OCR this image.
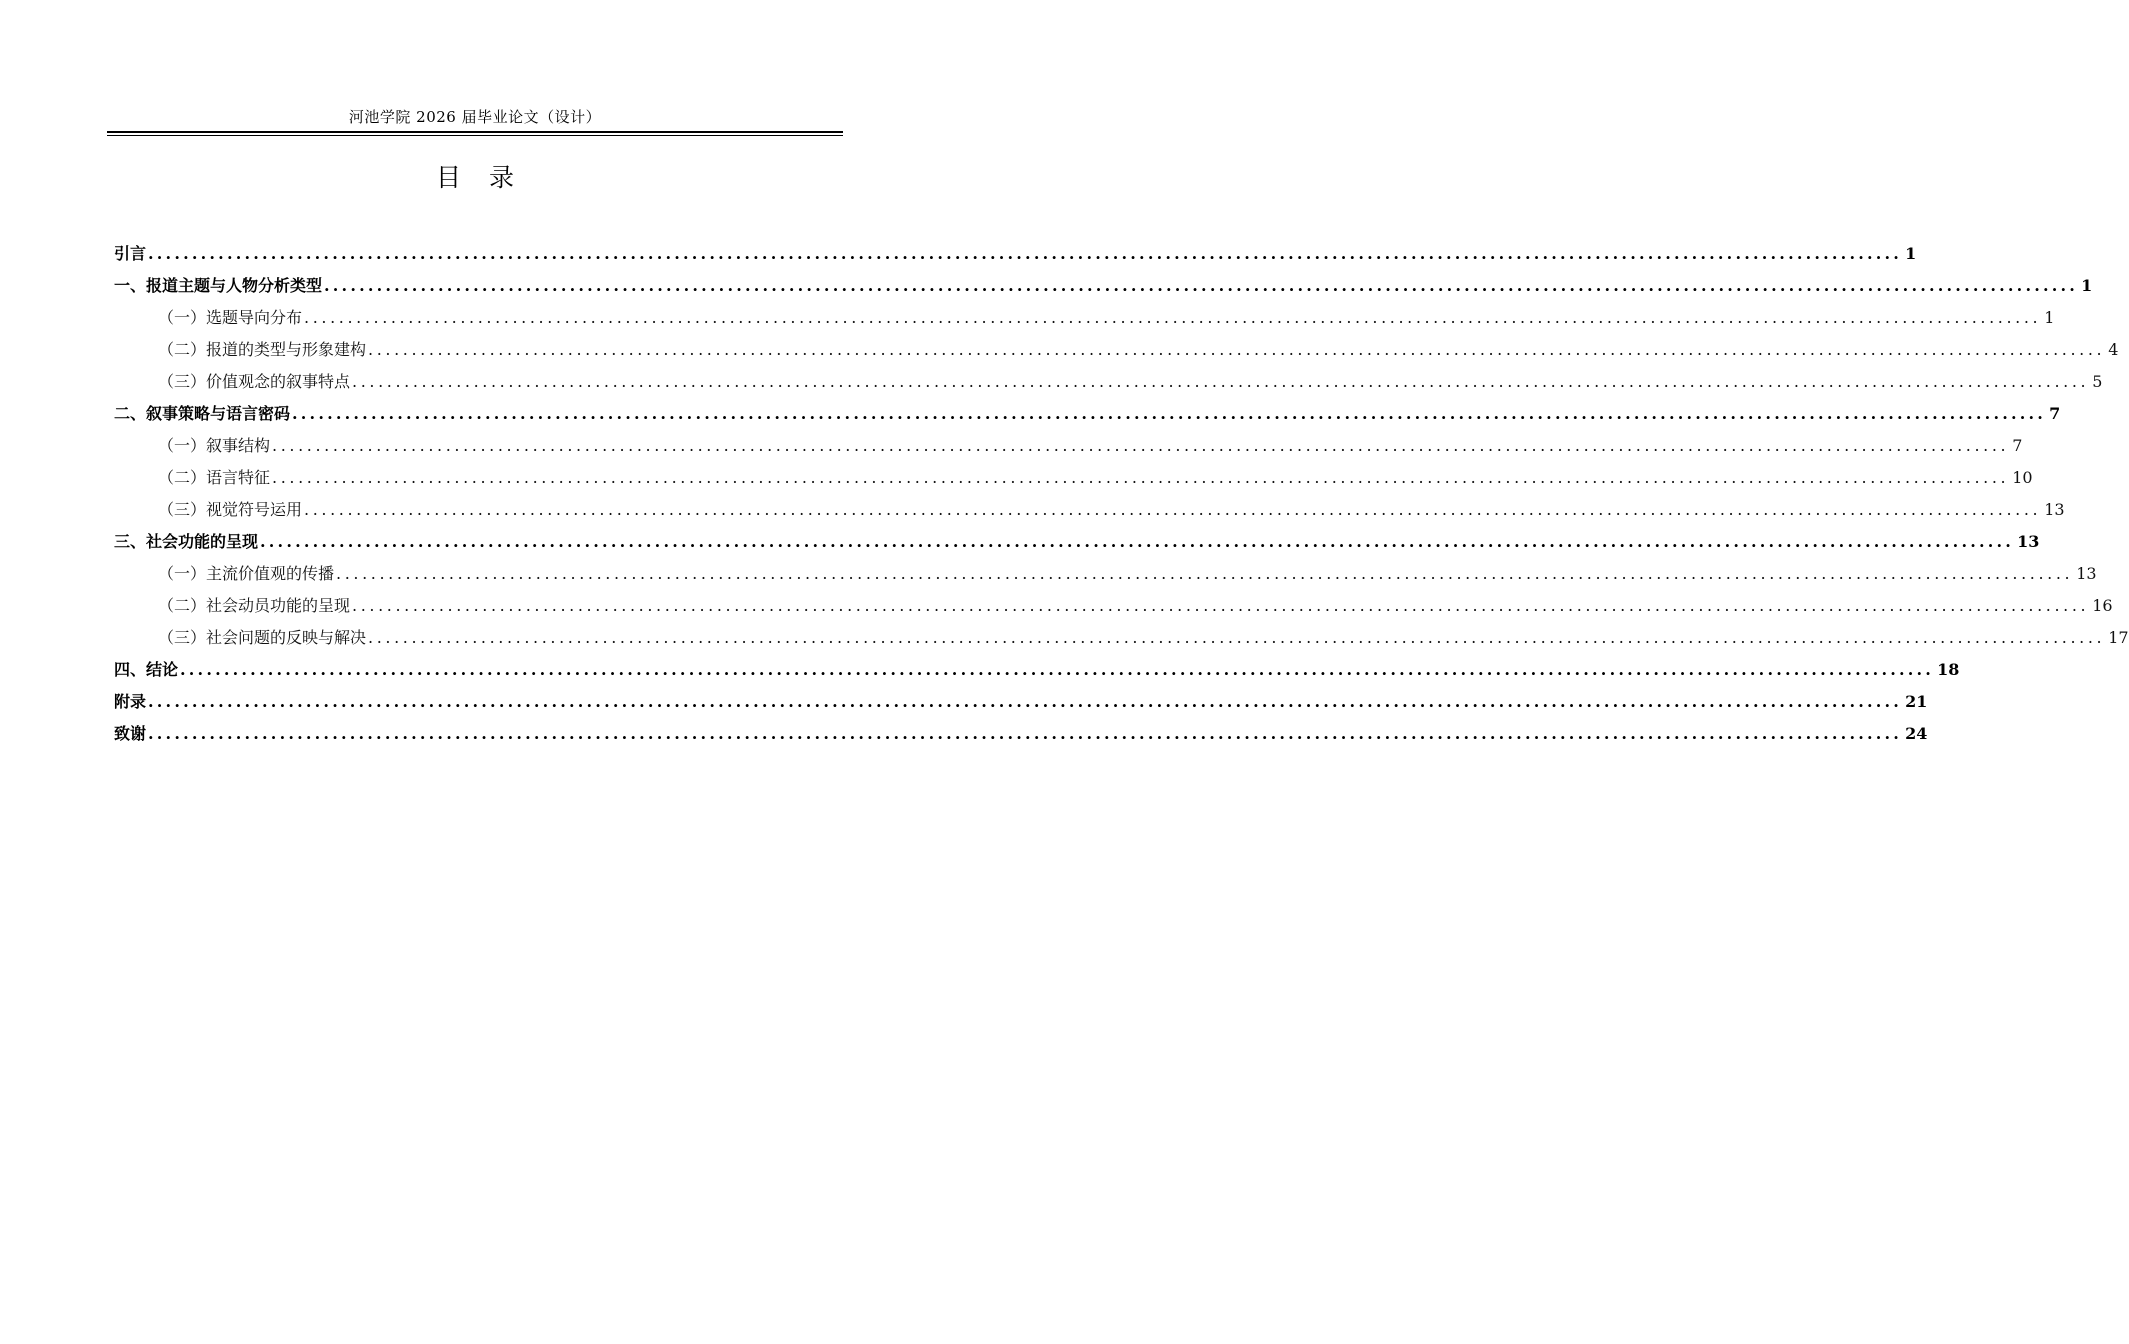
河池学院 2026 届毕业论文（设计）
目录
引言 ........................................................................................................................................................................................................ 1
一、报道主题与人物分析类型 ........................................................................................................................................................................................................ 1
（一）选题导向分布 ........................................................................................................................................................................................................ 1
（二）报道的类型与形象建构 ........................................................................................................................................................................................................ 4
（三）价值观念的叙事特点 ........................................................................................................................................................................................................ 5
二、叙事策略与语言密码 ........................................................................................................................................................................................................ 7
（一）叙事结构 ........................................................................................................................................................................................................ 7
（二）语言特征 ........................................................................................................................................................................................................ 10
（三）视觉符号运用 ........................................................................................................................................................................................................ 13
三、社会功能的呈现 ........................................................................................................................................................................................................ 13
（一）主流价值观的传播 ........................................................................................................................................................................................................ 13
（二）社会动员功能的呈现 ........................................................................................................................................................................................................ 16
（三）社会问题的反映与解决 ........................................................................................................................................................................................................ 17
四、结论 ........................................................................................................................................................................................................ 18
附录 ........................................................................................................................................................................................................ 21
致谢 ........................................................................................................................................................................................................ 24
